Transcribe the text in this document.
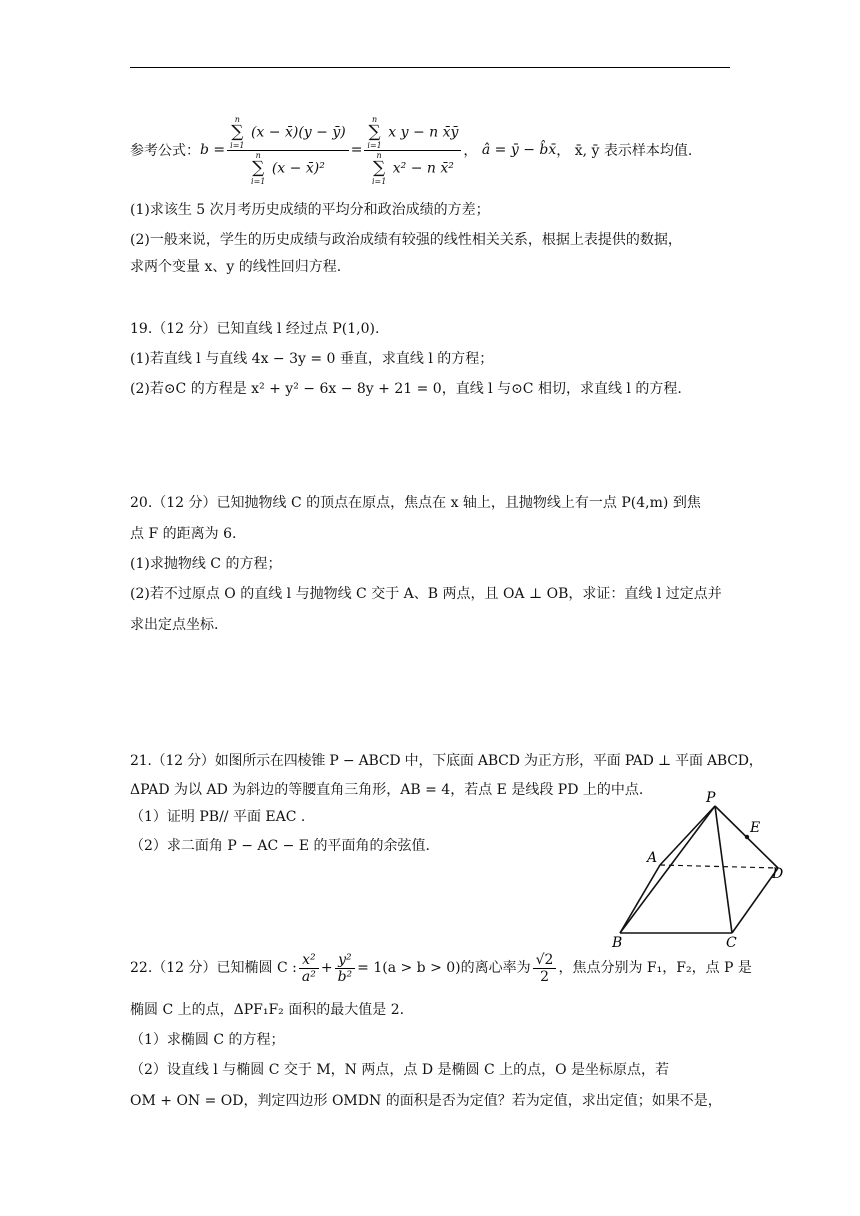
参考公式： b = n
∑
i=1
(x − x̄)(y − ȳ)
n
∑
i=1
(x − x̄)² = n
∑
i=1
x y − n x̄ȳ
n
∑
i=1
x² − n x̄² ， â = ȳ − b̂x̄ ， x̄, ȳ 表示样本均值.
(1)求该生 5 次月考历史成绩的平均分和政治成绩的方差；
(2)一般来说，学生的历史成绩与政治成绩有较强的线性相关关系，根据上表提供的数据，
求两个变量 x、y 的线性回归方程.
19.（12 分）已知直线 l 经过点 P(1,0).
(1)若直线 l 与直线 4x − 3y = 0 垂直，求直线 l 的方程；
(2)若⊙C 的方程是 x² + y² − 6x − 8y + 21 = 0，直线 l 与⊙C 相切，求直线 l 的方程.
20.（12 分）已知抛物线 C 的顶点在原点，焦点在 x 轴上，且抛物线上有一点 P(4,m) 到焦
点 F 的距离为 6.
(1)求抛物线 C 的方程；
(2)若不过原点 O 的直线 l 与抛物线 C 交于 A、B 两点，且 OA ⊥ OB，求证：直线 l 过定点并
求出定点坐标.
21.（12 分）如图所示在四棱锥 P − ABCD 中，下底面 ABCD 为正方形，平面 PAD ⊥ 平面 ABCD，
ΔPAD 为以 AD 为斜边的等腰直角三角形，AB = 4，若点 E 是线段 PD 上的中点.
（1）证明 PB// 平面 EAC .
（2）求二面角 P − AC − E 的平面角的余弦值.
P
E
A
D
B	C
22.（12 分）已知椭圆 C : $\frac{\text{x²}}{\text{a²}} + \frac{\text{y²}}{\text{b²}} = 1(a > b > 0)$的离心率为 $\frac{√2}{2}$ ，焦点分别为 F₁，F₂，点 P 是
椭圆 C 上的点，ΔPF₁F₂ 面积的最大值是 2.
（1）求椭圆 C 的方程；
（2）设直线 l 与椭圆 C 交于 M，N 两点，点 D 是椭圆 C 上的点，O 是坐标原点，若
OM + ON = OD，判定四边形 OMDN 的面积是否为定值？若为定值，求出定值；如果不是，
